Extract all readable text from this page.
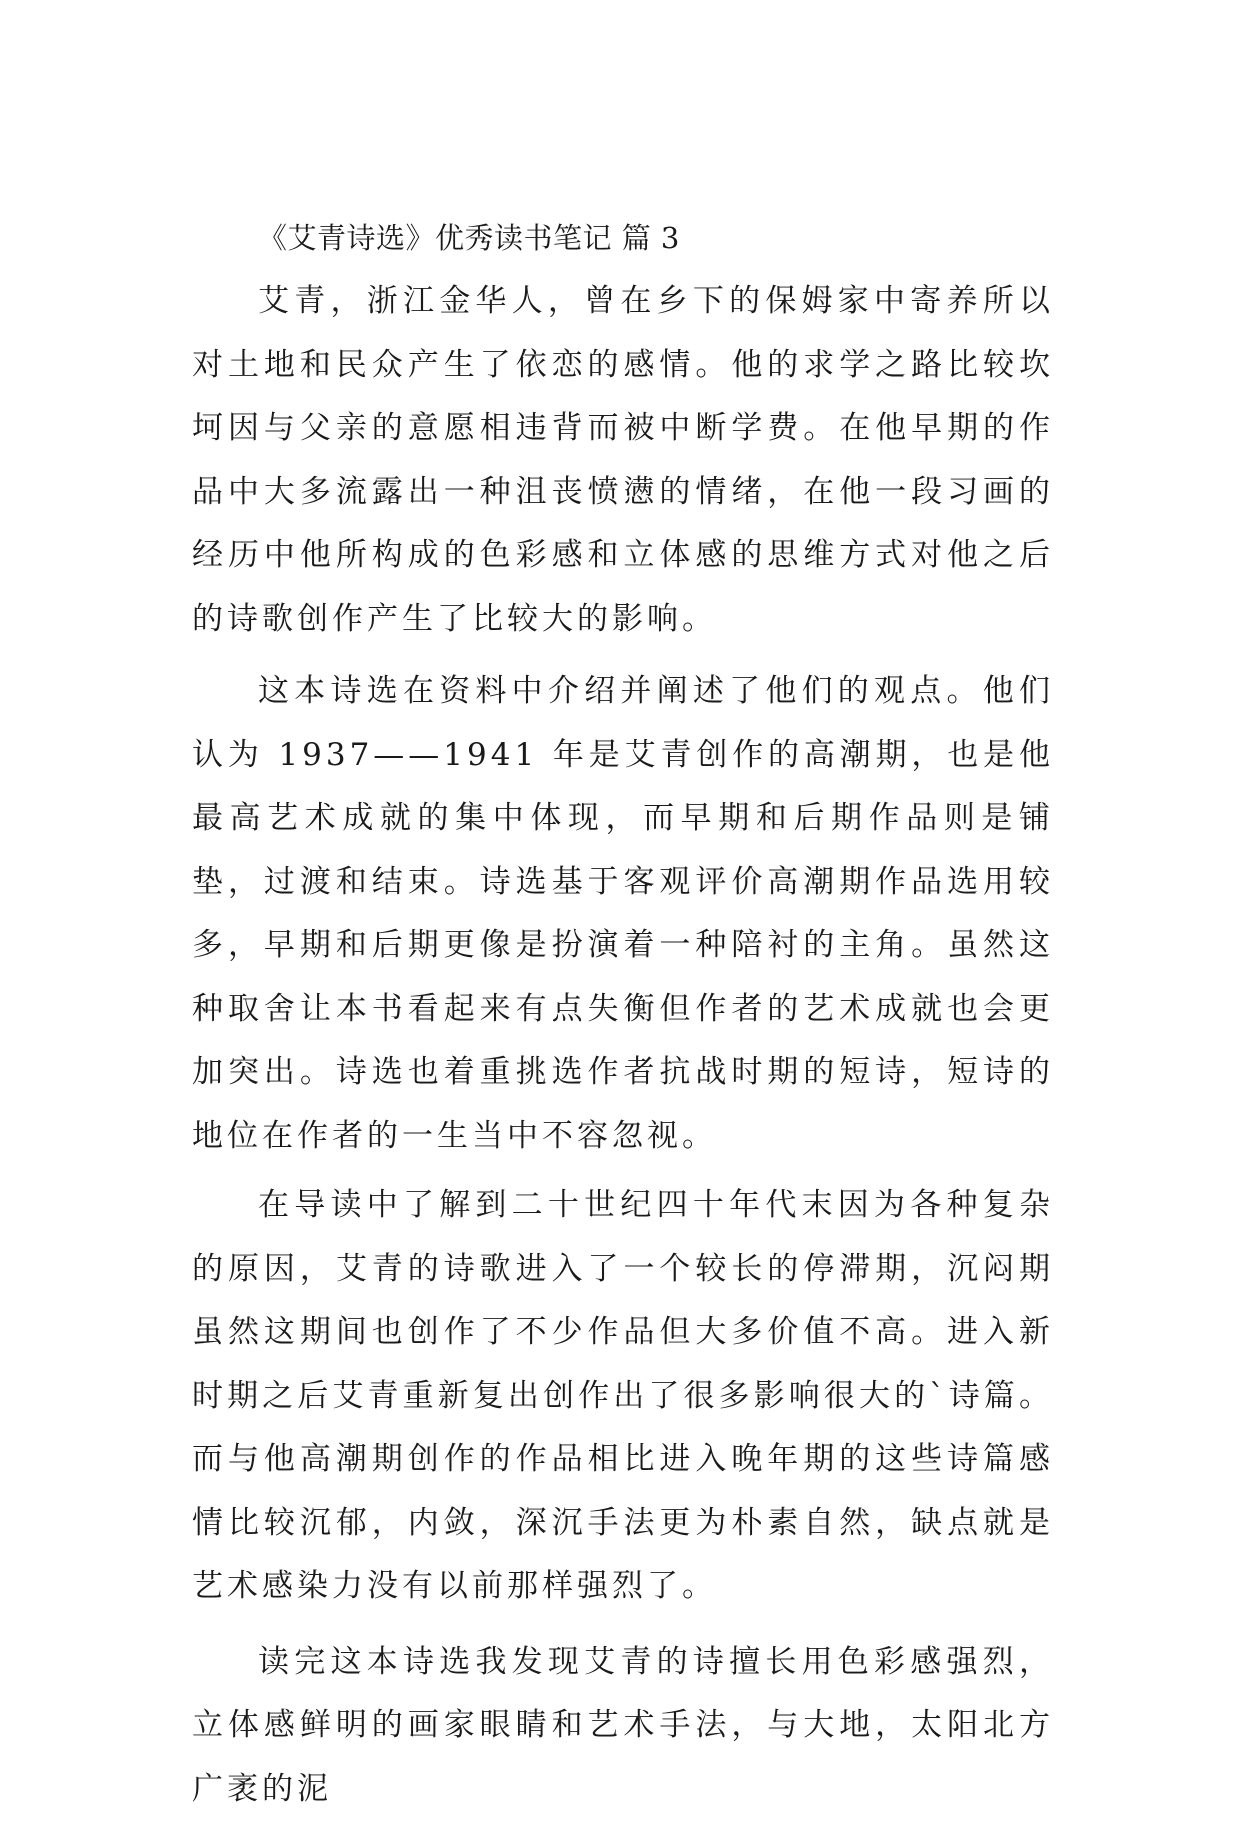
《艾青诗选》优秀读书笔记 篇 3

艾青，浙江金华人，曾在乡下的保姆家中寄养所以对土地和民众产生了依恋的感情。他的求学之路比较坎坷因与父亲的意愿相违背而被中断学费。在他早期的作品中大多流露出一种沮丧愤懑的情绪，在他一段习画的经历中他所构成的色彩感和立体感的思维方式对他之后的诗歌创作产生了比较大的影响。

这本诗选在资料中介绍并阐述了他们的观点。他们认为 1937——1941 年是艾青创作的高潮期，也是他最高艺术成就的集中体现，而早期和后期作品则是铺垫，过渡和结束。诗选基于客观评价高潮期作品选用较多，早期和后期更像是扮演着一种陪衬的主角。虽然这种取舍让本书看起来有点失衡但作者的艺术成就也会更加突出。诗选也着重挑选作者抗战时期的短诗，短诗的地位在作者的一生当中不容忽视。

在导读中了解到二十世纪四十年代末因为各种复杂的原因，艾青的诗歌进入了一个较长的停滞期，沉闷期虽然这期间也创作了不少作品但大多价值不高。进入新时期之后艾青重新复出创作出了很多影响很大的`诗篇。而与他高潮期创作的作品相比进入晚年期的这些诗篇感情比较沉郁，内敛，深沉手法更为朴素自然，缺点就是艺术感染力没有以前那样强烈了。

读完这本诗选我发现艾青的诗擅长用色彩感强烈，立体感鲜明的画家眼睛和艺术手法，与大地，太阳北方广袤的泥
